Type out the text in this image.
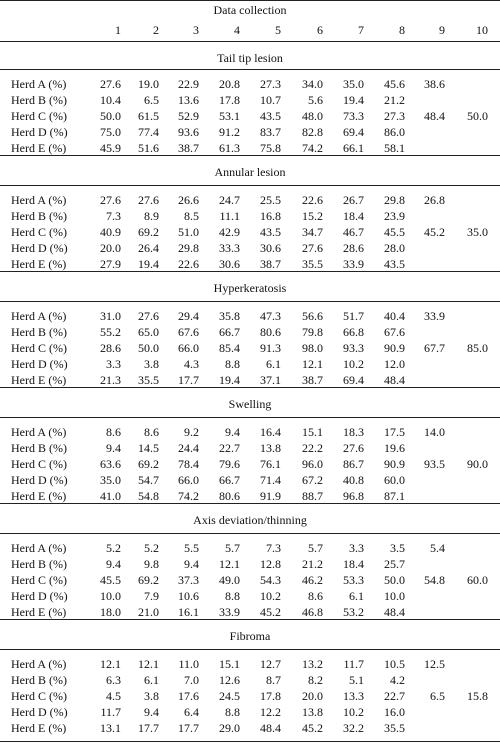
Data collection
1	2	3	4	5	6	7	8	9	10
Tail tip lesion
Herd A (%)	27.6	19.0	22.9	20.8	27.3	34.0	35.0	45.6	38.6
Herd B (%)	10.4	6.5	13.6	17.8	10.7	5.6	19.4	21.2
Herd C (%)	50.0	61.5	52.9	53.1	43.5	48.0	73.3	27.3	48.4	50.0
Herd D (%)	75.0	77.4	93.6	91.2	83.7	82.8	69.4	86.0
Herd E (%)	45.9	51.6	38.7	61.3	75.8	74.2	66.1	58.1
Annular lesion
Herd A (%)	27.6	27.6	26.6	24.7	25.5	22.6	26.7	29.8	26.8
Herd B (%)	7.3	8.9	8.5	11.1	16.8	15.2	18.4	23.9
Herd C (%)	40.9	69.2	51.0	42.9	43.5	34.7	46.7	45.5	45.2	35.0
Herd D (%)	20.0	26.4	29.8	33.3	30.6	27.6	28.6	28.0
Herd E (%)	27.9	19.4	22.6	30.6	38.7	35.5	33.9	43.5
Hyperkeratosis
Herd A (%)	31.0	27.6	29.4	35.8	47.3	56.6	51.7	40.4	33.9
Herd B (%)	55.2	65.0	67.6	66.7	80.6	79.8	66.8	67.6
Herd C (%)	28.6	50.0	66.0	85.4	91.3	98.0	93.3	90.9	67.7	85.0
Herd D (%)	3.3	3.8	4.3	8.8	6.1	12.1	10.2	12.0
Herd E (%)	21.3	35.5	17.7	19.4	37.1	38.7	69.4	48.4
Swelling
Herd A (%)	8.6	8.6	9.2	9.4	16.4	15.1	18.3	17.5	14.0
Herd B (%)	9.4	14.5	24.4	22.7	13.8	22.2	27.6	19.6
Herd C (%)	63.6	69.2	78.4	79.6	76.1	96.0	86.7	90.9	93.5	90.0
Herd D (%)	35.0	54.7	66.0	66.7	71.4	67.2	40.8	60.0
Herd E (%)	41.0	54.8	74.2	80.6	91.9	88.7	96.8	87.1
Axis deviation/thinning
Herd A (%)	5.2	5.2	5.5	5.7	7.3	5.7	3.3	3.5	5.4
Herd B (%)	9.4	9.8	9.4	12.1	12.8	21.2	18.4	25.7
Herd C (%)	45.5	69.2	37.3	49.0	54.3	46.2	53.3	50.0	54.8	60.0
Herd D (%)	10.0	7.9	10.6	8.8	10.2	8.6	6.1	10.0
Herd E (%)	18.0	21.0	16.1	33.9	45.2	46.8	53.2	48.4
Fibroma
Herd A (%)	12.1	12.1	11.0	15.1	12.7	13.2	11.7	10.5	12.5
Herd B (%)	6.3	6.1	7.0	12.6	8.7	8.2	5.1	4.2
Herd C (%)	4.5	3.8	17.6	24.5	17.8	20.0	13.3	22.7	6.5	15.8
Herd D (%)	11.7	9.4	6.4	8.8	12.2	13.8	10.2	16.0
Herd E (%)	13.1	17.7	17.7	29.0	48.4	45.2	32.2	35.5
